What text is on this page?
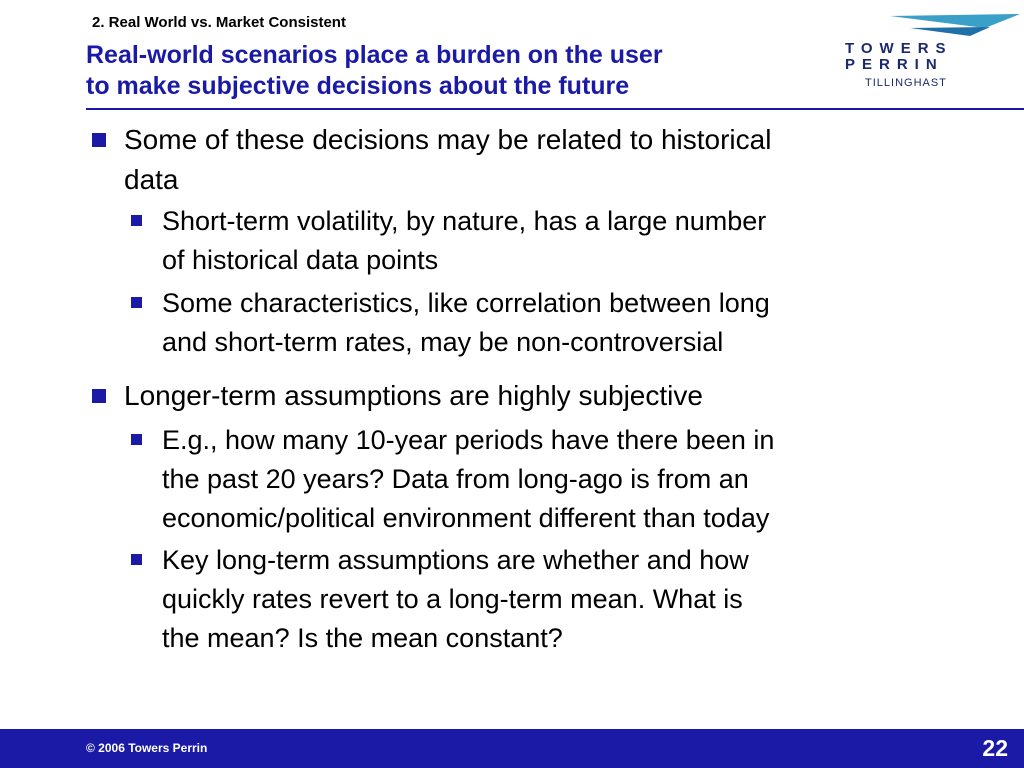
2. Real World vs. Market Consistent
Real-world scenarios place a burden on the user
to make subjective decisions about the future
TOWERS
PERRIN
TILLINGHAST
Some of these decisions may be related to historical
data
Short-term volatility, by nature, has a large number
of historical data points
Some characteristics, like correlation between long
and short-term rates, may be non-controversial
Longer-term assumptions are highly subjective
E.g., how many 10-year periods have there been in
the past 20 years? Data from long-ago is from an
economic/political environment different than today
Key long-term assumptions are whether and how
quickly rates revert to a long-term mean. What is
the mean? Is the mean constant?
© 2006 Towers Perrin	22
